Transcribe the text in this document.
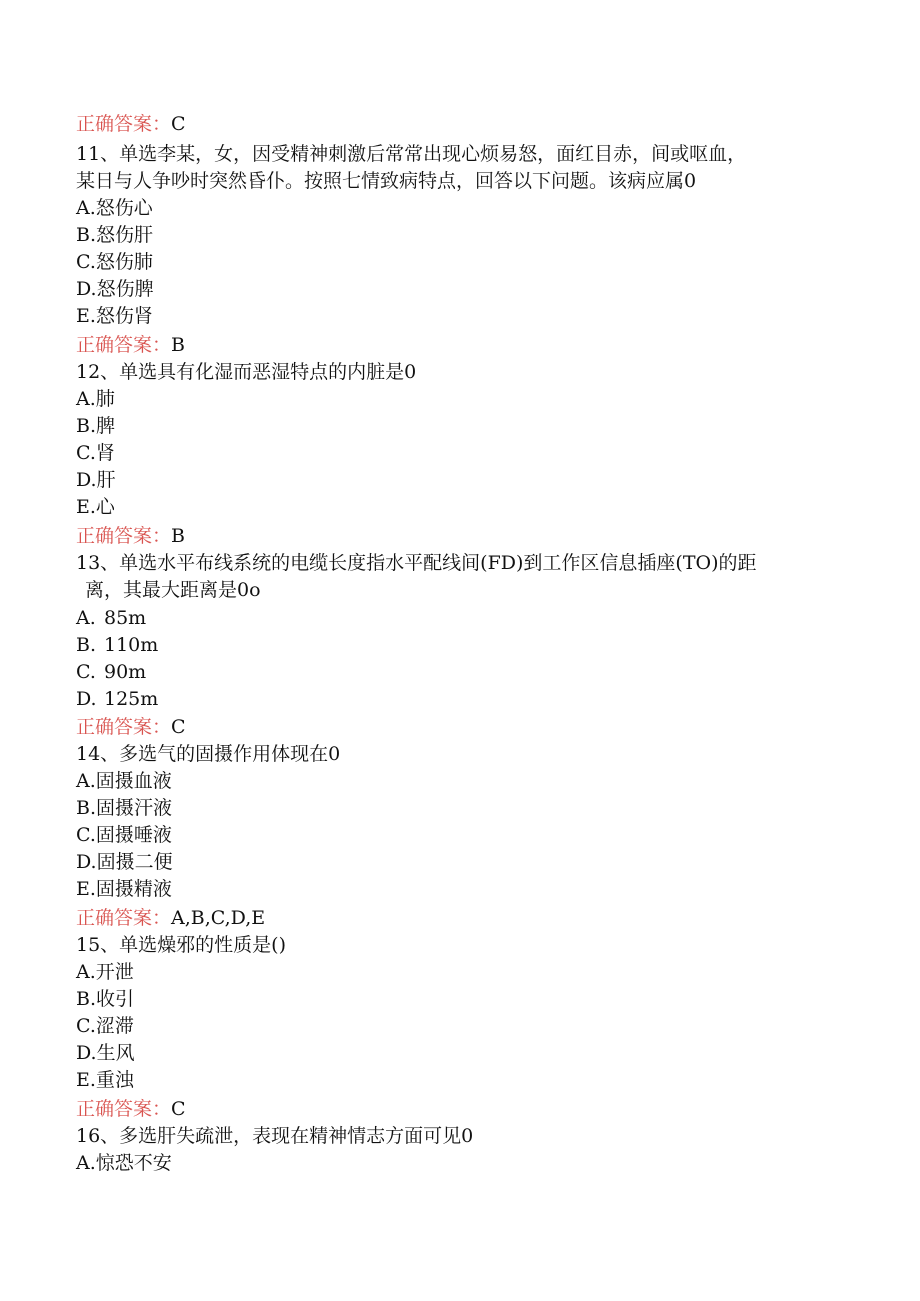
正确答案：C
11、单选李某，女，因受精神刺激后常常出现心烦易怒，面红目赤，间或呕血，
某日与人争吵时突然昏仆。按照七情致病特点，回答以下问题。该病应属0
A.怒伤心
B.怒伤肝
C.怒伤肺
D.怒伤脾
E.怒伤肾
正确答案：B
12、单选具有化湿而恶湿特点的内脏是0
A.肺
B.脾
C.肾
D.肝
E.心
正确答案：B
13、单选水平布线系统的电缆长度指水平配线间(FD)到工作区信息插座(TO)的距
离，其最大距离是0o
A. 85m
B. 110m
C. 90m
D. 125m
正确答案：C
14、多选气的固摄作用体现在0
A.固摄血液
B.固摄汗液
C.固摄唾液
D.固摄二便
E.固摄精液
正确答案：A,B,C,D,E
15、单选燥邪的性质是()
A.开泄
B.收引
C.涩滞
D.生风
E.重浊
正确答案：C
16、多选肝失疏泄，表现在精神情志方面可见0
A.惊恐不安
